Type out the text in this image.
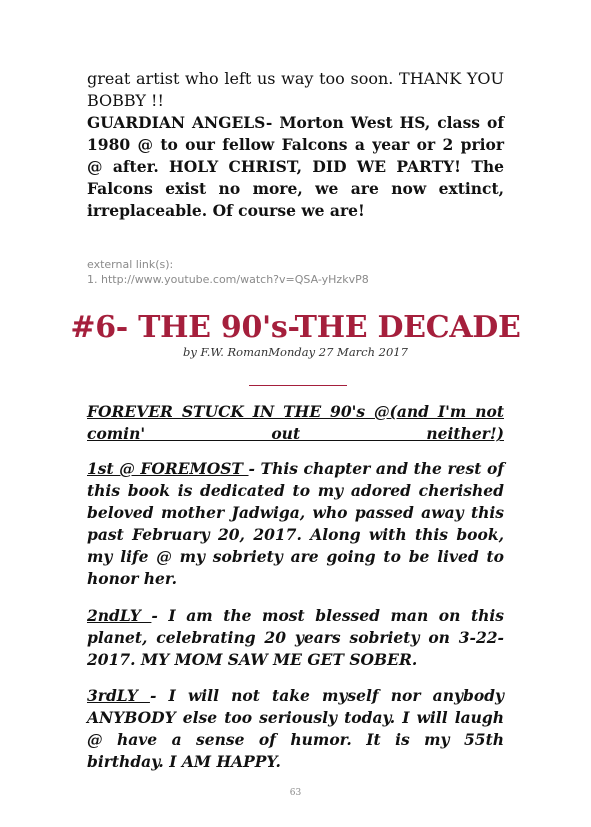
great artist who left us way too soon. THANK YOU BOBBY !!
GUARDIAN ANGELS- Morton West HS, class of 1980 @ to our fellow Falcons a year or 2 prior @ after. HOLY CHRIST, DID WE PARTY! The Falcons exist no more, we are now extinct, irreplaceable. Of course we are!
external link(s):
1. http://www.youtube.com/watch?v=QSA-yHzkvP8
#6- THE 90's-THE DECADE
by F.W. RomanMonday 27 March 2017
FOREVER STUCK IN THE 90's @(and I'm not comin' out neither!)
1st @ FOREMOST - This chapter and the rest of this book is dedicated to my adored cherished beloved mother Jadwiga, who passed away this past February 20, 2017. Along with this book, my life @ my sobriety are going to be lived to honor her.
2ndLY - I am the most blessed man on this planet, celebrating 20 years sobriety on 3-22-2017. MY MOM SAW ME GET SOBER.
3rdLY - I will not take myself nor anybody ANYBODY else too seriously today. I will laugh @ have a sense of humor. It is my 55th birthday. I AM HAPPY.
63
